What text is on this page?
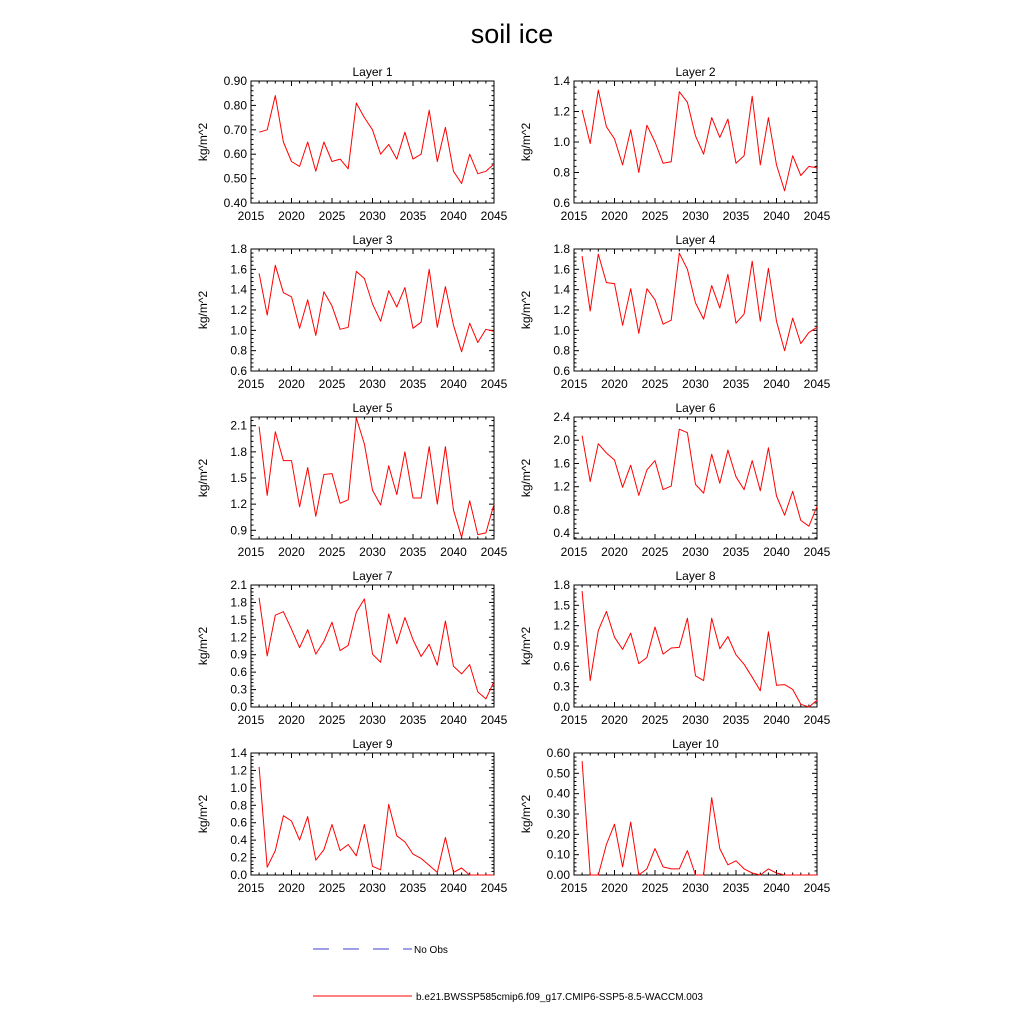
soil ice
Layer 1
2015 2020 2025 2030 2035 2040 2045
0.40
0.50
0.60
0.70
0.80
0.90
kg/m^2
Layer 2
2015 2020 2025 2030 2035 2040 2045
0.6
0.8
1.0
1.2
1.4
kg/m^2
Layer 3
2015 2020 2025 2030 2035 2040 2045
0.6
0.8
1.0
1.2
1.4
1.6
1.8
kg/m^2
Layer 4
2015 2020 2025 2030 2035 2040 2045
0.6
0.8
1.0
1.2
1.4
1.6
1.8
kg/m^2
Layer 5
2015 2020 2025 2030 2035 2040 2045
0.9
1.2
1.5
1.8
2.1
kg/m^2
Layer 6
2015 2020 2025 2030 2035 2040 2045
0.4
0.8
1.2
1.6
2.0
2.4
kg/m^2
Layer 7
2015 2020 2025 2030 2035 2040 2045
0.0
0.3
0.6
0.9
1.2
1.5
1.8
2.1
kg/m^2
Layer 8
2015 2020 2025 2030 2035 2040 2045
0.0
0.3
0.6
0.9
1.2
1.5
1.8
kg/m^2
Layer 9
2015 2020 2025 2030 2035 2040 2045
0.0
0.2
0.4
0.6
0.8
1.0
1.2
1.4
kg/m^2
Layer 10
2015 2020 2025 2030 2035 2040 2045
0.00
0.10
0.20
0.30
0.40
0.50
0.60
kg/m^2
No Obs
b.e21.BWSSP585cmip6.f09_g17.CMIP6-SSP5-8.5-WACCM.003
